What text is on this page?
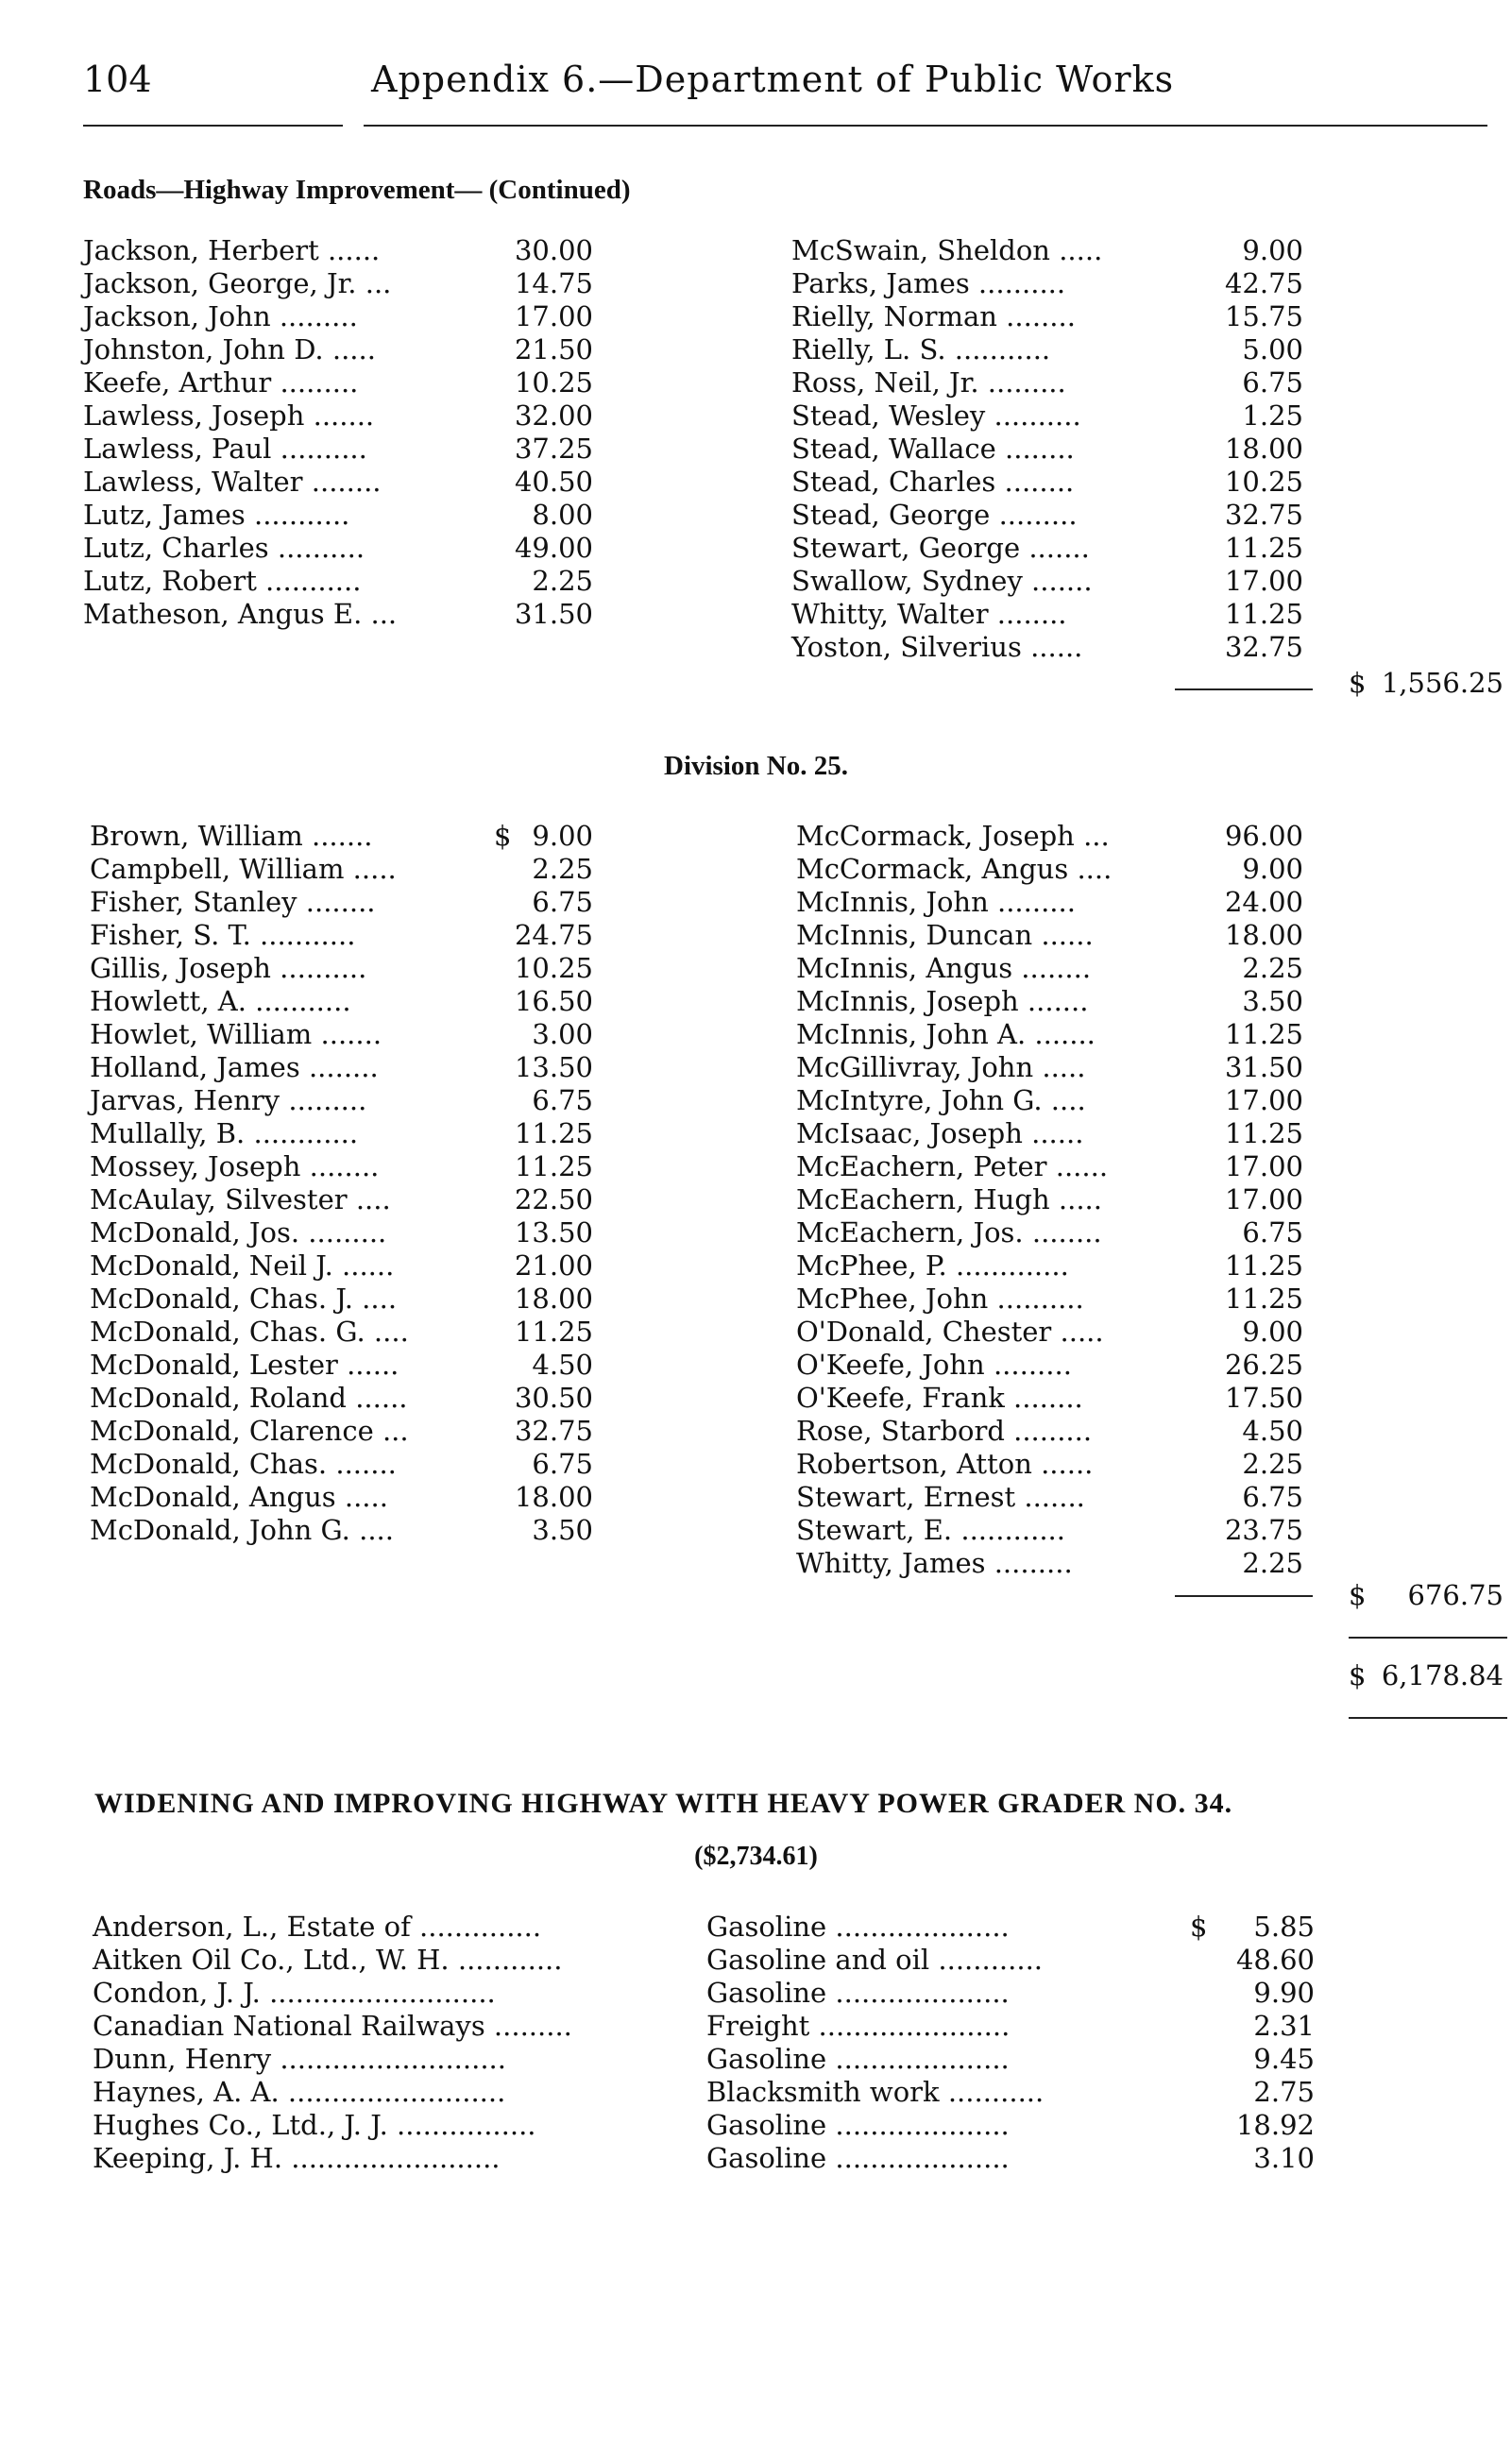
104	Appendix 6.—Department of Public Works
Roads—Highway Improvement— (Continued)
Jackson, Herbert ......	30.00
Jackson, George, Jr. ...	14.75
Jackson, John .........	17.00
Johnston, John D. .....	21.50
Keefe, Arthur .........	10.25
Lawless, Joseph .......	32.00
Lawless, Paul ..........	37.25
Lawless, Walter ........	40.50
Lutz, James ...........	8.00
Lutz, Charles ..........	49.00
Lutz, Robert ...........	2.25
Matheson, Angus E. ...	31.50
McSwain, Sheldon .....	9.00
Parks, James ..........	42.75
Rielly, Norman ........	15.75
Rielly, L. S. ...........	5.00
Ross, Neil, Jr. .........	6.75
Stead, Wesley ..........	1.25
Stead, Wallace ........	18.00
Stead, Charles ........	10.25
Stead, George .........	32.75
Stewart, George .......	11.25
Swallow, Sydney .......	17.00
Whitty, Walter ........	11.25
Yoston, Silverius ......	32.75
$ 1,556.25
Division No. 25.
Brown, William .......	$ 9.00
Campbell, William .....	2.25
Fisher, Stanley ........	6.75
Fisher, S. T. ...........	24.75
Gillis, Joseph ..........	10.25
Howlett, A. ...........	16.50
Howlet, William .......	3.00
Holland, James ........	13.50
Jarvas, Henry .........	6.75
Mullally, B. ............	11.25
Mossey, Joseph ........	11.25
McAulay, Silvester ....	22.50
McDonald, Jos. .........	13.50
McDonald, Neil J. ......	21.00
McDonald, Chas. J. ....	18.00
McDonald, Chas. G. ....	11.25
McDonald, Lester ......	4.50
McDonald, Roland ......	30.50
McDonald, Clarence ...	32.75
McDonald, Chas. .......	6.75
McDonald, Angus .....	18.00
McDonald, John G. ....	3.50
McCormack, Joseph ...	96.00
McCormack, Angus ....	9.00
McInnis, John .........	24.00
McInnis, Duncan ......	18.00
McInnis, Angus ........	2.25
McInnis, Joseph .......	3.50
McInnis, John A. .......	11.25
McGillivray, John .....	31.50
McIntyre, John G. ....	17.00
McIsaac, Joseph ......	11.25
McEachern, Peter ......	17.00
McEachern, Hugh .....	17.00
McEachern, Jos. ........	6.75
McPhee, P. .............	11.25
McPhee, John ..........	11.25
O'Donald, Chester .....	9.00
O'Keefe, John .........	26.25
O'Keefe, Frank ........	17.50
Rose, Starbord .........	4.50
Robertson, Atton ......	2.25
Stewart, Ernest .......	6.75
Stewart, E. ............	23.75
Whitty, James .........	2.25
$	676.75
$ 6,178.84
WIDENING AND IMPROVING HIGHWAY WITH HEAVY POWER GRADER NO. 34.
($2,734.61)
Anderson, L., Estate of ..............	Gasoline ....................	$	5.85
Aitken Oil Co., Ltd., W. H. ............	Gasoline and oil ............	48.60
Condon, J. J. ..........................	Gasoline ....................	9.90
Canadian National Railways .........	Freight ......................	2.31
Dunn, Henry ..........................	Gasoline ....................	9.45
Haynes, A. A. .........................	Blacksmith work ...........	2.75
Hughes Co., Ltd., J. J. ................	Gasoline ....................	18.92
Keeping, J. H. ........................	Gasoline ....................	3.10
